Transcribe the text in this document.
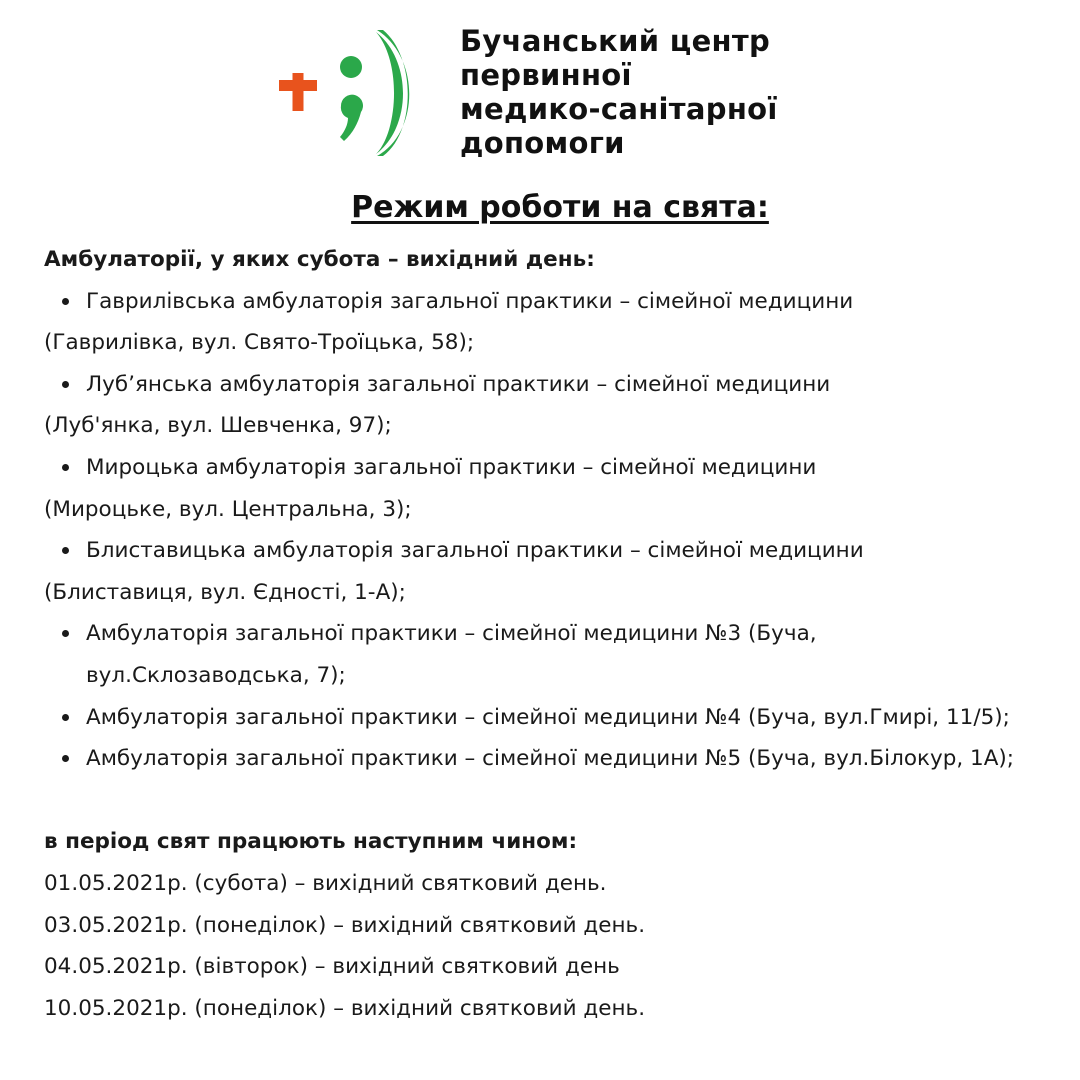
Бучанський центр
первинної
медико-санітарної
допомоги
Режим роботи на свята:
Амбулаторії, у яких субота – вихідний день:
Гаврилівська амбулаторія загальної практики – сімейної медицини
(Гаврилівка, вул. Свято-Троїцька, 58);
Луб’янська амбулаторія загальної практики – сімейної медицини
(Луб'янка, вул. Шевченка, 97);
Мироцька амбулаторія загальної практики – сімейної медицини
(Мироцьке, вул. Центральна, 3);
Блиставицька амбулаторія загальної практики – сімейної медицини
(Блиставиця, вул. Єдності, 1-А);
Амбулаторія загальної практики – сімейної медицини №3 (Буча,
вул.Склозаводська, 7);
Амбулаторія загальної практики – сімейної медицини №4 (Буча, вул.Гмирі, 11/5);
Амбулаторія загальної практики – сімейної медицини №5 (Буча, вул.Білокур, 1А);
в період свят працюють наступним чином:
01.05.2021р. (субота) – вихідний святковий день.
03.05.2021р. (понеділок) – вихідний святковий день.
04.05.2021р. (вівторок) – вихідний святковий день
10.05.2021р. (понеділок) – вихідний святковий день.
